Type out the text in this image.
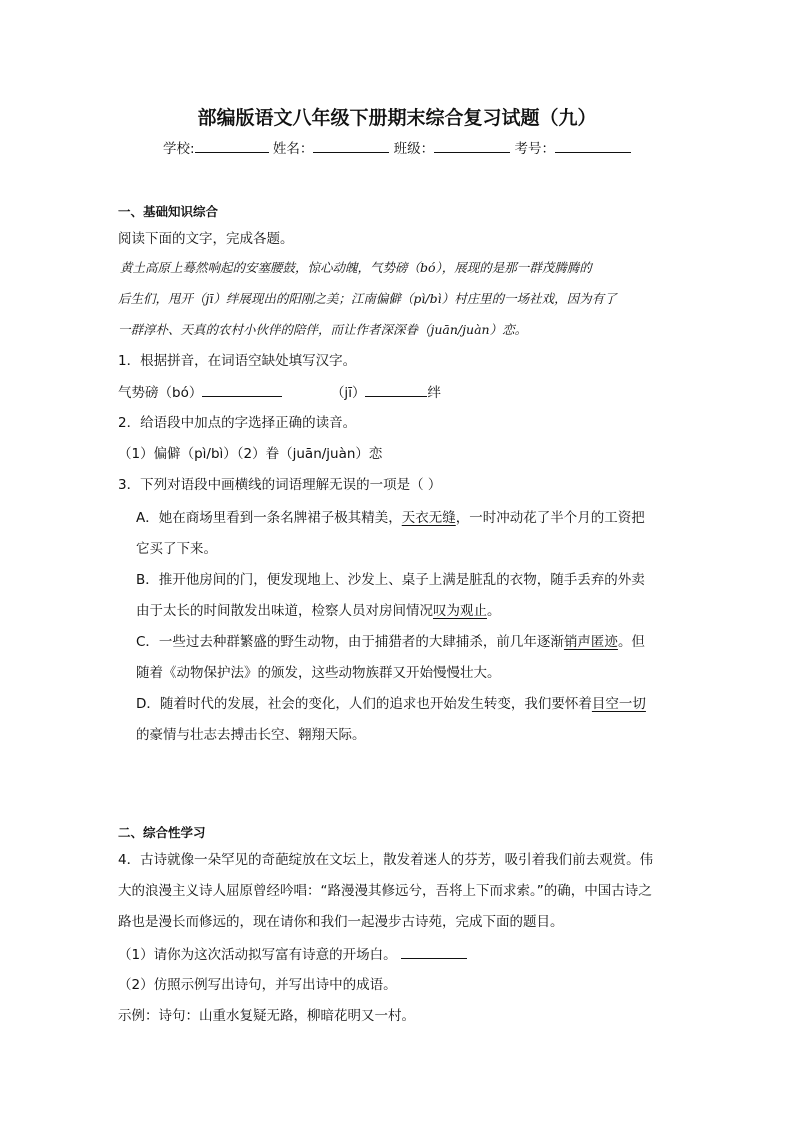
部编版语文八年级下册期末综合复习试题（九）
学校:	姓名：	班级：	考号：
一、基础知识综合
阅读下面的文字，完成各题。
黄土高原上蓦然响起的安塞腰鼓，惊心动魄，气势磅（bó），展现的是那一群茂腾腾的
后生们，甩开（jī）绊展现出的阳刚之美；江南偏僻（pì/bì）村庄里的一场社戏，因为有了
一群淳朴、天真的农村小伙伴的陪伴，而让作者深深眷（juān/juàn）恋。
1．根据拼音，在词语空缺处填写汉字。
气势磅（bó）	（jī）	绊
2．给语段中加点的字选择正确的读音。
（1）偏僻（pì/bì）（2）眷（juān/juàn）恋
3．下列对语段中画横线的词语理解无误的一项是（ ）
A．她在商场里看到一条名牌裙子极其精美，天衣无缝，一时冲动花了半个月的工资把
它买了下来。
B．推开他房间的门，便发现地上、沙发上、桌子上满是脏乱的衣物，随手丢弃的外卖
由于太长的时间散发出味道，检察人员对房间情况叹为观止。
C．一些过去种群繁盛的野生动物，由于捕猎者的大肆捕杀，前几年逐渐销声匿迹。但
随着《动物保护法》的颁发，这些动物族群又开始慢慢壮大。
D．随着时代的发展，社会的变化，人们的追求也开始发生转变，我们要怀着目空一切
的豪情与壮志去搏击长空、翱翔天际。
二、综合性学习
4．古诗就像一朵罕见的奇葩绽放在文坛上，散发着迷人的芬芳，吸引着我们前去观赏。伟
大的浪漫主义诗人屈原曾经吟唱：“路漫漫其修远兮，吾将上下而求索。”的确，中国古诗之
路也是漫长而修远的，现在请你和我们一起漫步古诗苑，完成下面的题目。
（1）请你为这次活动拟写富有诗意的开场白。
（2）仿照示例写出诗句，并写出诗中的成语。
示例：诗句：山重水复疑无路，柳暗花明又一村。
